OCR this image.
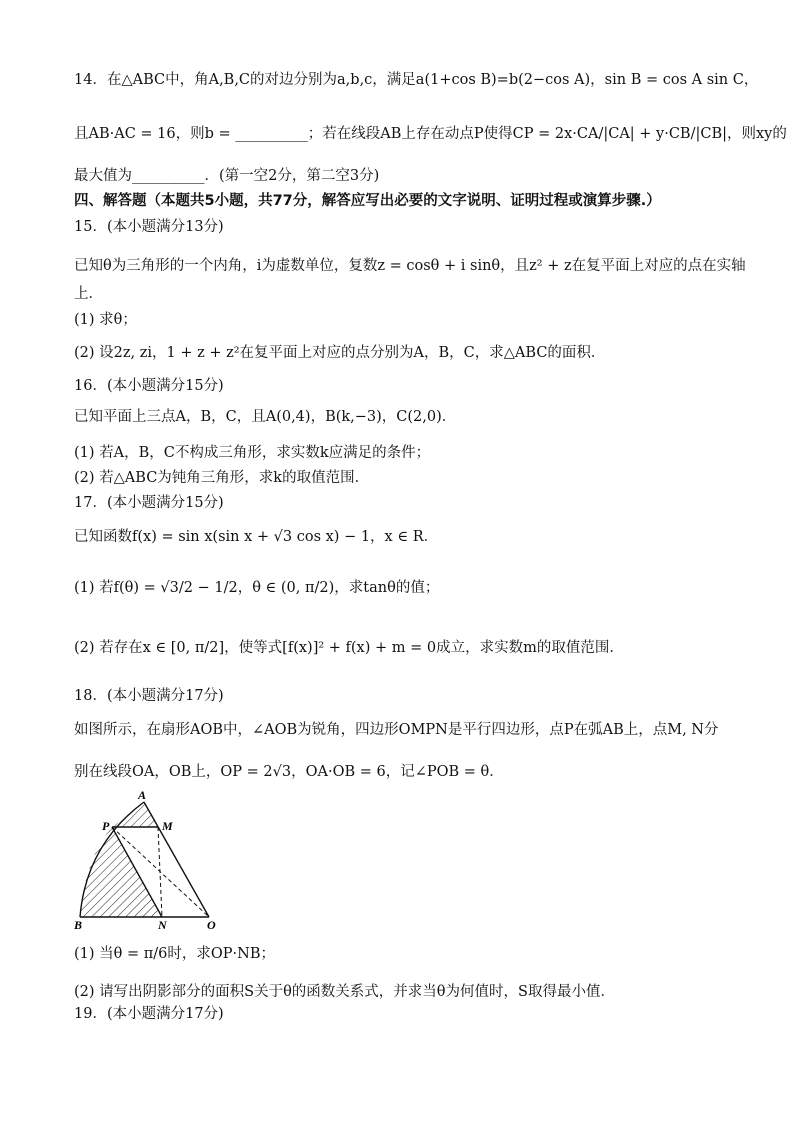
14．在△ABC中，角A,B,C的对边分别为a,b,c，满足a(1+cos B)=b(2−cos A)，sin B = cos A sin C，
且AB·AC = 16，则b = __________；若在线段AB上存在动点P使得CP = 2x·CA/|CA| + y·CB/|CB|，则xy的
最大值为__________．(第一空2分，第二空3分)
四、解答题（本题共5小题，共77分，解答应写出必要的文字说明、证明过程或演算步骤.）
15．(本小题满分13分)
已知θ为三角形的一个内角，i为虚数单位，复数z = cosθ + i sinθ，且z² + z在复平面上对应的点在实轴
上．
(1) 求θ；
(2) 设2z, zi，1 + z + z²在复平面上对应的点分别为A，B，C，求△ABC的面积．
16．(本小题满分15分)
已知平面上三点A，B，C，且A(0,4)，B(k,−3)，C(2,0)．
(1) 若A，B，C不构成三角形，求实数k应满足的条件；
(2) 若△ABC为钝角三角形，求k的取值范围．
17．(本小题满分15分)
已知函数f(x) = sin x(sin x + √3 cos x) − 1，x ∈ R．
(1) 若f(θ) = √3/2 − 1/2，θ ∈ (0, π/2)，求tanθ的值；
(2) 若存在x ∈ [0, π/2]，使等式[f(x)]² + f(x) + m = 0成立，求实数m的取值范围．
18．(本小题满分17分)
如图所示，在扇形AOB中，∠AOB为锐角，四边形OMPN是平行四边形，点P在弧AB上，点M, N分
别在线段OA，OB上，OP = 2√3，OA·OB = 6，记∠POB = θ．
A
P	M
B	N	O
(1) 当θ = π/6时，求OP·NB；
(2) 请写出阴影部分的面积S关于θ的函数关系式，并求当θ为何值时，S取得最小值．
19．(本小题满分17分)
